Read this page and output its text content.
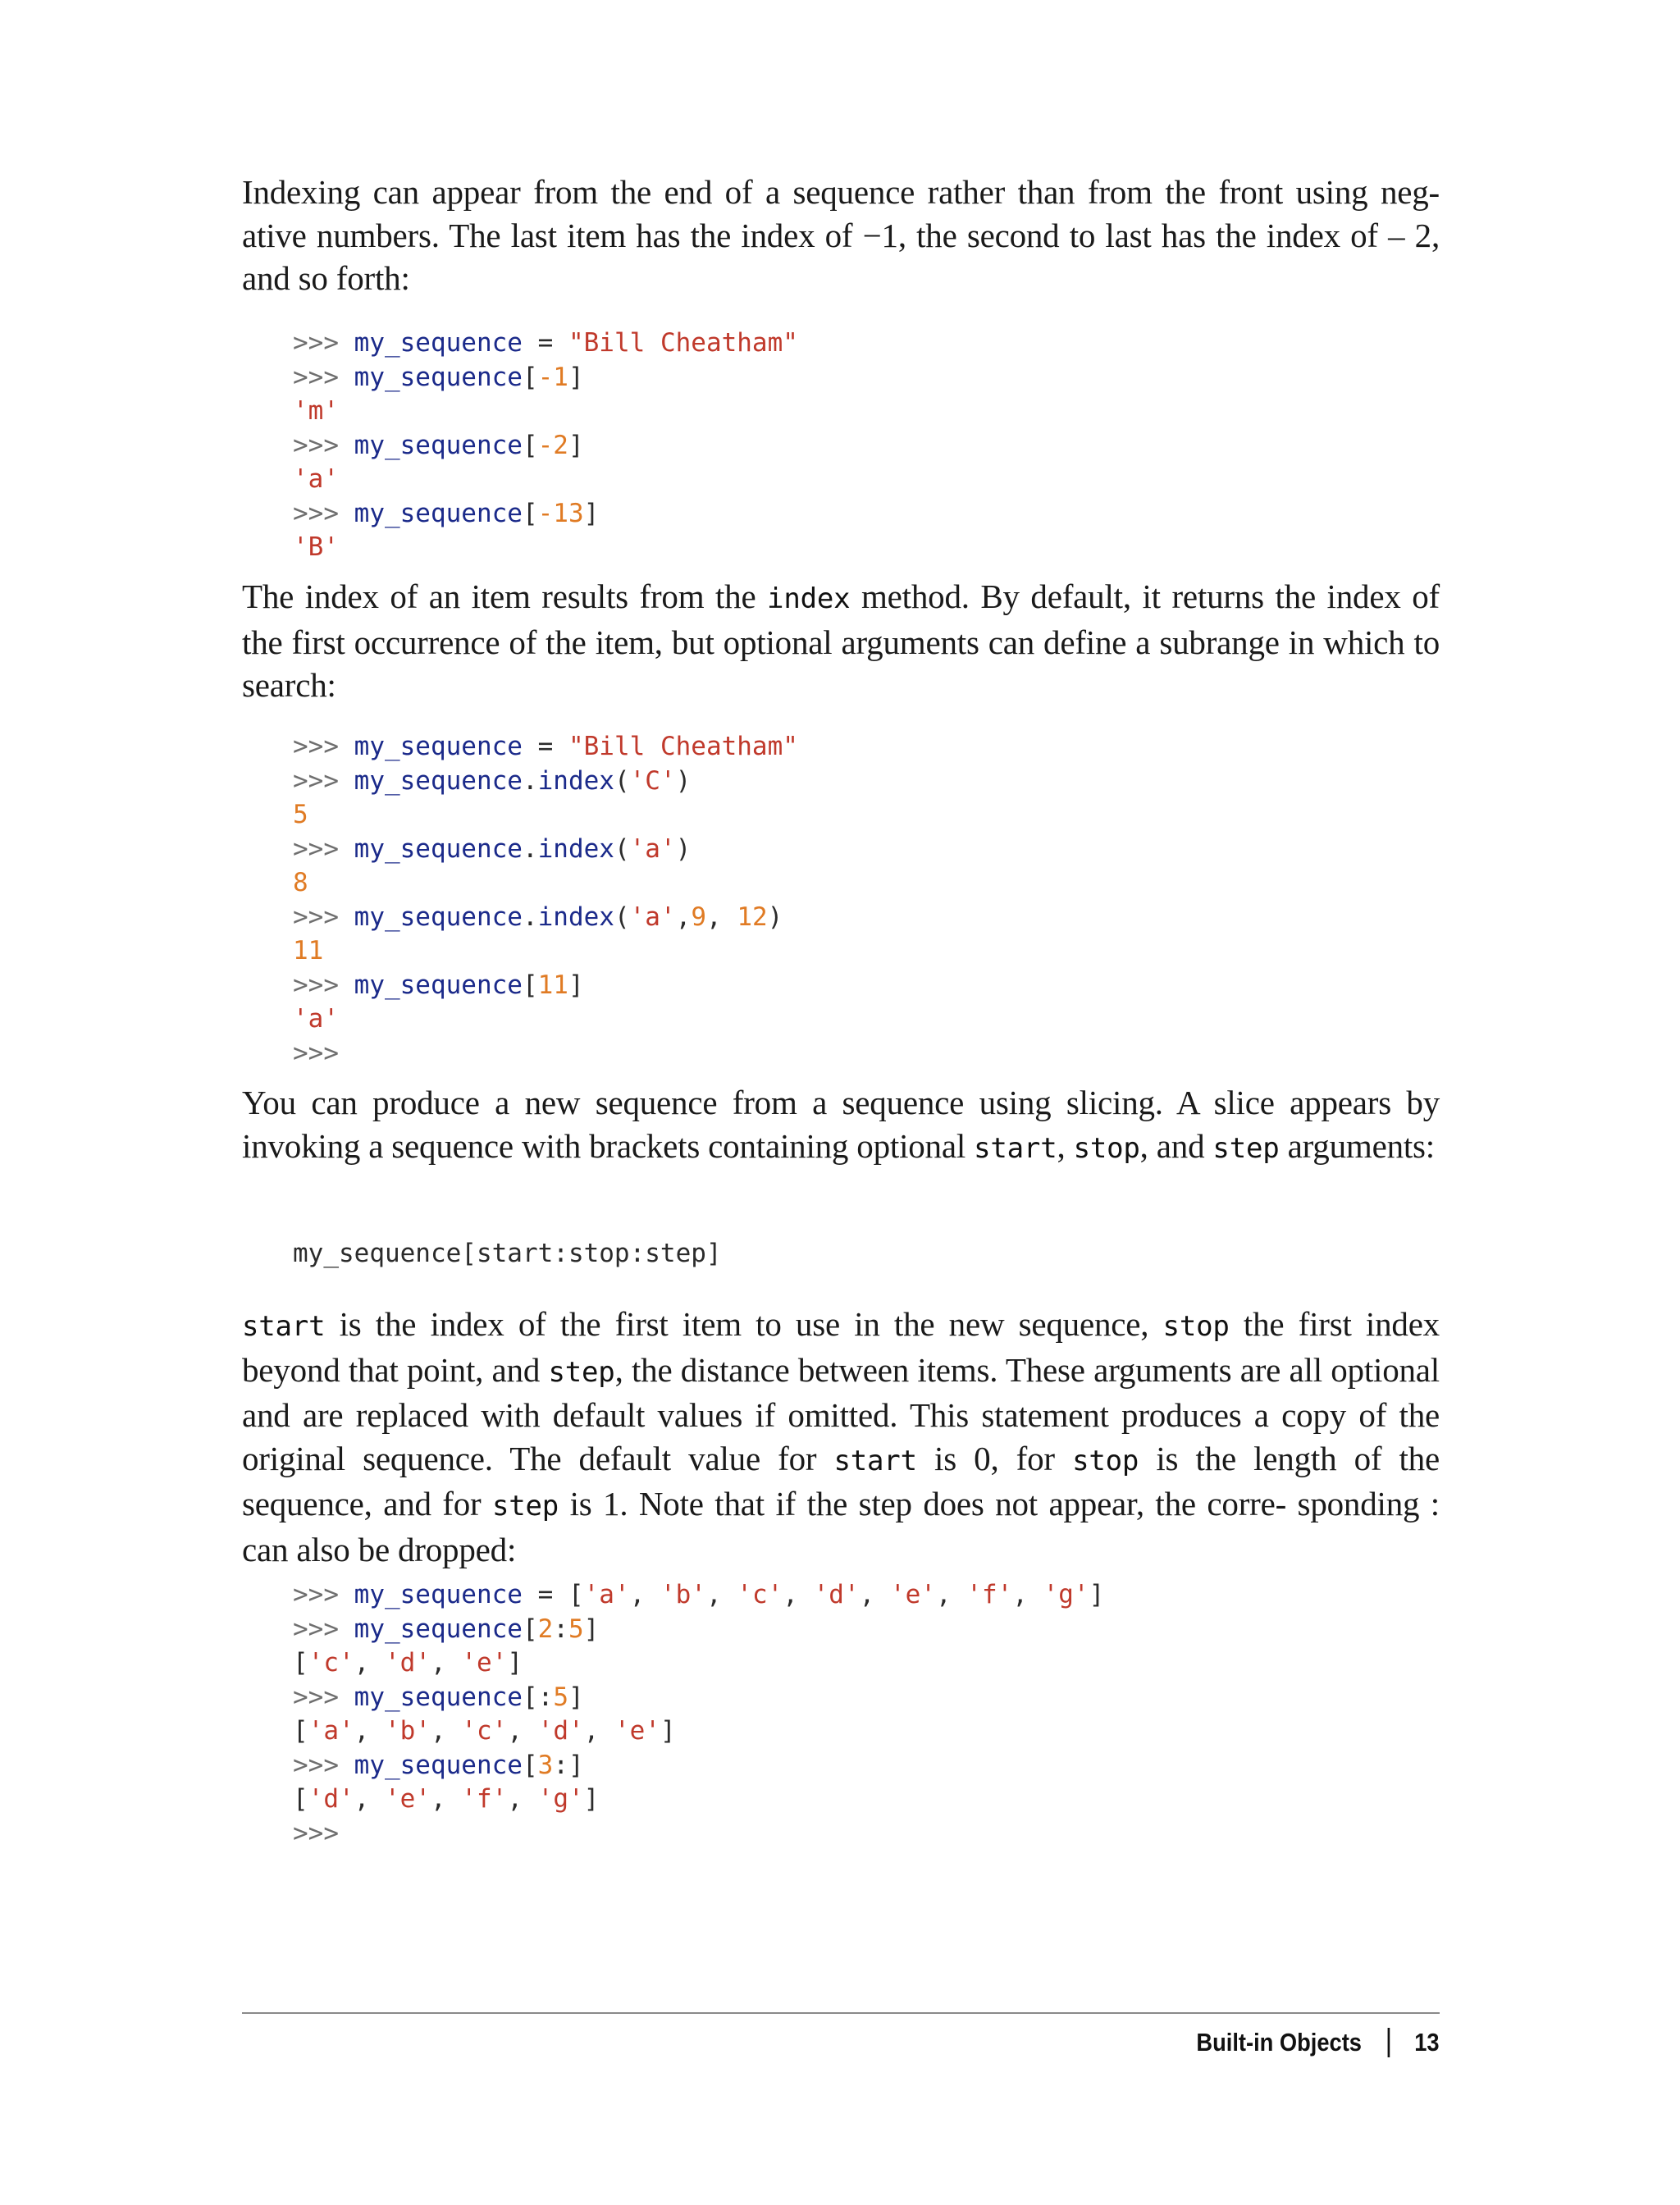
Indexing can appear from the end of a sequence rather than from the front using neg- ative numbers. The last item has the index of −1, the second to last has the index of – 2, and so forth:

>>> my_sequence = "Bill Cheatham"
>>> my_sequence[-1]
'm'
>>> my_sequence[-2]
'a'
>>> my_sequence[-13]
'B'

The index of an item results from the index method. By default, it returns the index of the first occurrence of the item, but optional arguments can define a subrange in which to search:

>>> my_sequence = "Bill Cheatham"
>>> my_sequence.index('C')
5
>>> my_sequence.index('a')
8
>>> my_sequence.index('a',9, 12)
11
>>> my_sequence[11]
'a'
>>>

You can produce a new sequence from a sequence using slicing. A slice appears by invoking a sequence with brackets containing optional start, stop, and step arguments:

my_sequence[start:stop:step]

start is the index of the first item to use in the new sequence, stop the first index beyond that point, and step, the distance between items. These arguments are all optional and are replaced with default values if omitted. This statement produces a copy of the original sequence. The default value for start is 0, for stop is the length of the sequence, and for step is 1. Note that if the step does not appear, the corre- sponding : can also be dropped:

>>> my_sequence = ['a', 'b', 'c', 'd', 'e', 'f', 'g']
>>> my_sequence[2:5]
['c', 'd', 'e']
>>> my_sequence[:5]
['a', 'b', 'c', 'd', 'e']
>>> my_sequence[3:]
['d', 'e', 'f', 'g']
>>>
Built-in Objects 13
